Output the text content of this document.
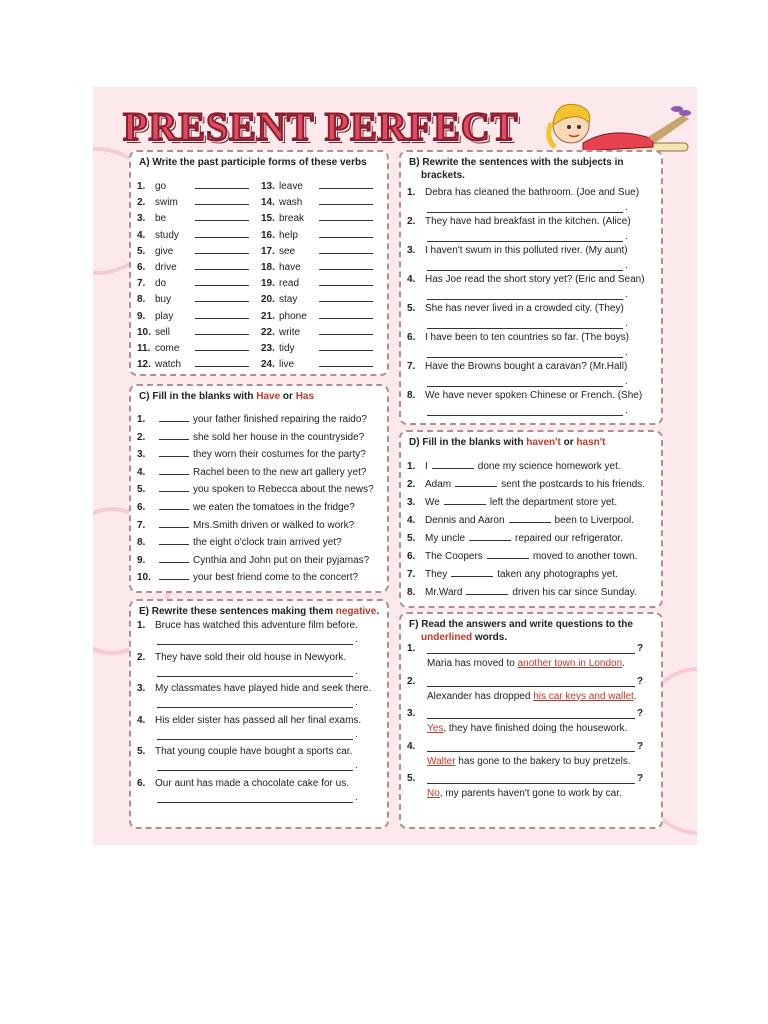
PRESENT PERFECT
A) Write the past participle forms of these verbs
1. go	13. leave
2. swim	14. wash
3. be	15. break
4. study	16. help
5. give	17. see
6. drive	18. have
7. do	19. read
8. buy	20. stay
9. play	21. phone
10. sell	22. write
11. come	23. tidy
12. watch	24. live
B) Rewrite the sentences with the subjects in
brackets.
1. Debra has cleaned the bathroom. (Joe and Sue)
.
2. They have had breakfast in the kitchen. (Alice)
.
3. I haven't swum in this polluted river. (My aunt)
.
4. Has Joe read the short story yet? (Eric and Sean)
.
5. She has never lived in a crowded city. (They)
.
6. I have been to ten countries so far. (The boys)
.
7. Have the Browns bought a caravan? (Mr.Hall)
.
8. We have never spoken Chinese or French. (She)
.
C) Fill in the blanks with Have or Has
1.	your father finished repairing the raido?
2.	she sold her house in the countryside?
3.	they worn their costumes for the party?
4.	Rachel been to the new art gallery yet?
5.	you spoken to Rebecca about the news?
6.	we eaten the tomatoes in the fridge?
7.	Mrs.Smith driven or walked to work?
8.	the eight o'clock train arrived yet?
9.	Cynthia and John put on their pyjamas?
10.	your best friend come to the concert?
D) Fill in the blanks with haven't or hasn't
1. I	done my science homework yet.
2. Adam	sent the postcards to his friends.
3. We	left the department store yet.
4. Dennis and Aaron	been to Liverpool.
5. My uncle	repaired our refrigerator.
6. The Coopers	moved to another town.
7. They	taken any photographs yet.
8. Mr.Ward	driven his car since Sunday.
E) Rewrite these sentences making them negative.
1. Bruce has watched this adventure film before.
.
2. They have sold their old house in Newyork.
.
3. My classmates have played hide and seek there.
.
4. His elder sister has passed all her final exams.
.
5. That young couple have bought a sports car.
.
6. Our aunt has made a chocolate cake for us.
.
F) Read the answers and write questions to the
underlined words.
1.	?
Maria has moved to another town in London.
2.	?
Alexander has dropped his car keys and wallet.
3.	?
Yes, they have finished doing the housework.
4.	?
Walter has gone to the bakery to buy pretzels.
5.	?
No, my parents haven't gone to work by car.
